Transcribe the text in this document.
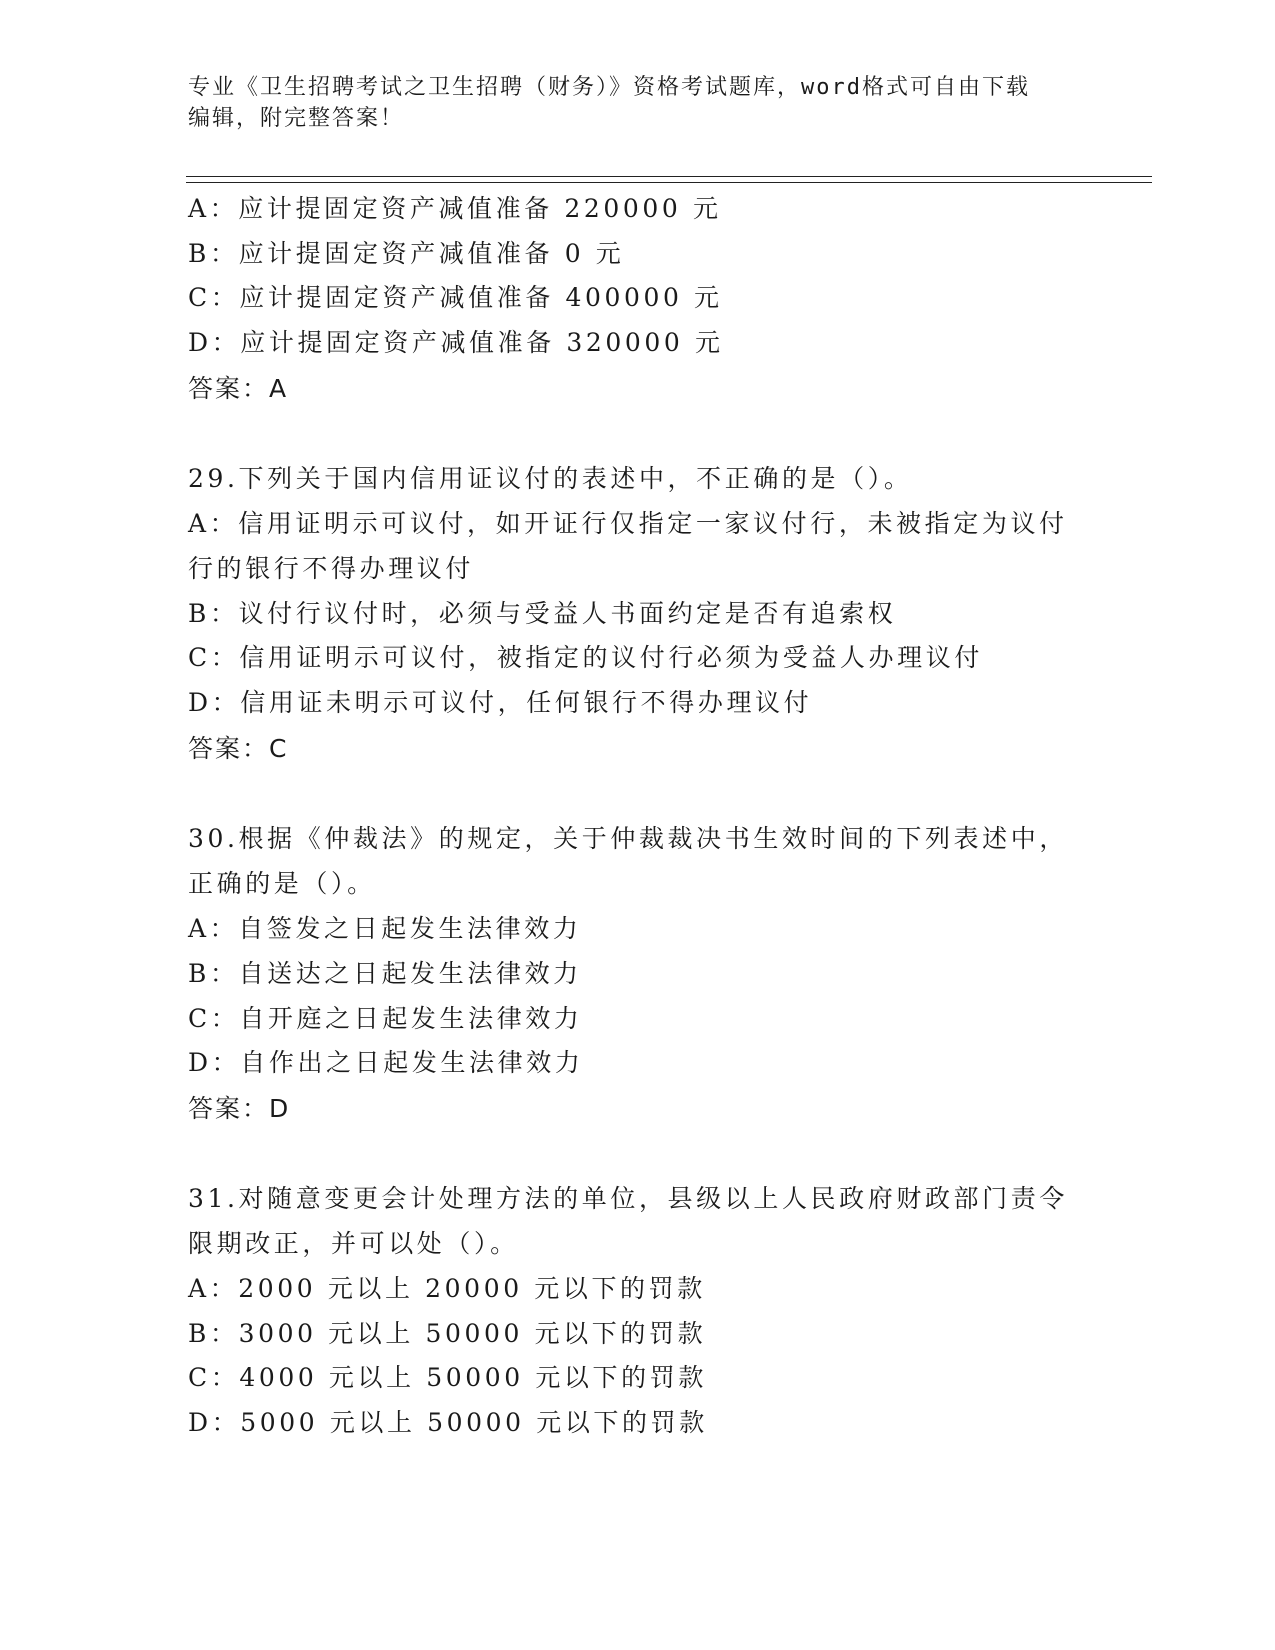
专业《卫生招聘考试之卫生招聘（财务）》资格考试题库，word格式可自由下载
编辑，附完整答案！
A：应计提固定资产减值准备 220000 元
B：应计提固定资产减值准备 0 元
C：应计提固定资产减值准备 400000 元
D：应计提固定资产减值准备 320000 元
答案：A
29.下列关于国内信用证议付的表述中，不正确的是（）。
A：信用证明示可议付，如开证行仅指定一家议付行，未被指定为议付
行的银行不得办理议付
B：议付行议付时，必须与受益人书面约定是否有追索权
C：信用证明示可议付，被指定的议付行必须为受益人办理议付
D：信用证未明示可议付，任何银行不得办理议付
答案：C
30.根据《仲裁法》的规定，关于仲裁裁决书生效时间的下列表述中，
正确的是（）。
A：自签发之日起发生法律效力
B：自送达之日起发生法律效力
C：自开庭之日起发生法律效力
D：自作出之日起发生法律效力
答案：D
31.对随意变更会计处理方法的单位，县级以上人民政府财政部门责令
限期改正，并可以处（）。
A：2000 元以上 20000 元以下的罚款
B：3000 元以上 50000 元以下的罚款
C：4000 元以上 50000 元以下的罚款
D：5000 元以上 50000 元以下的罚款
